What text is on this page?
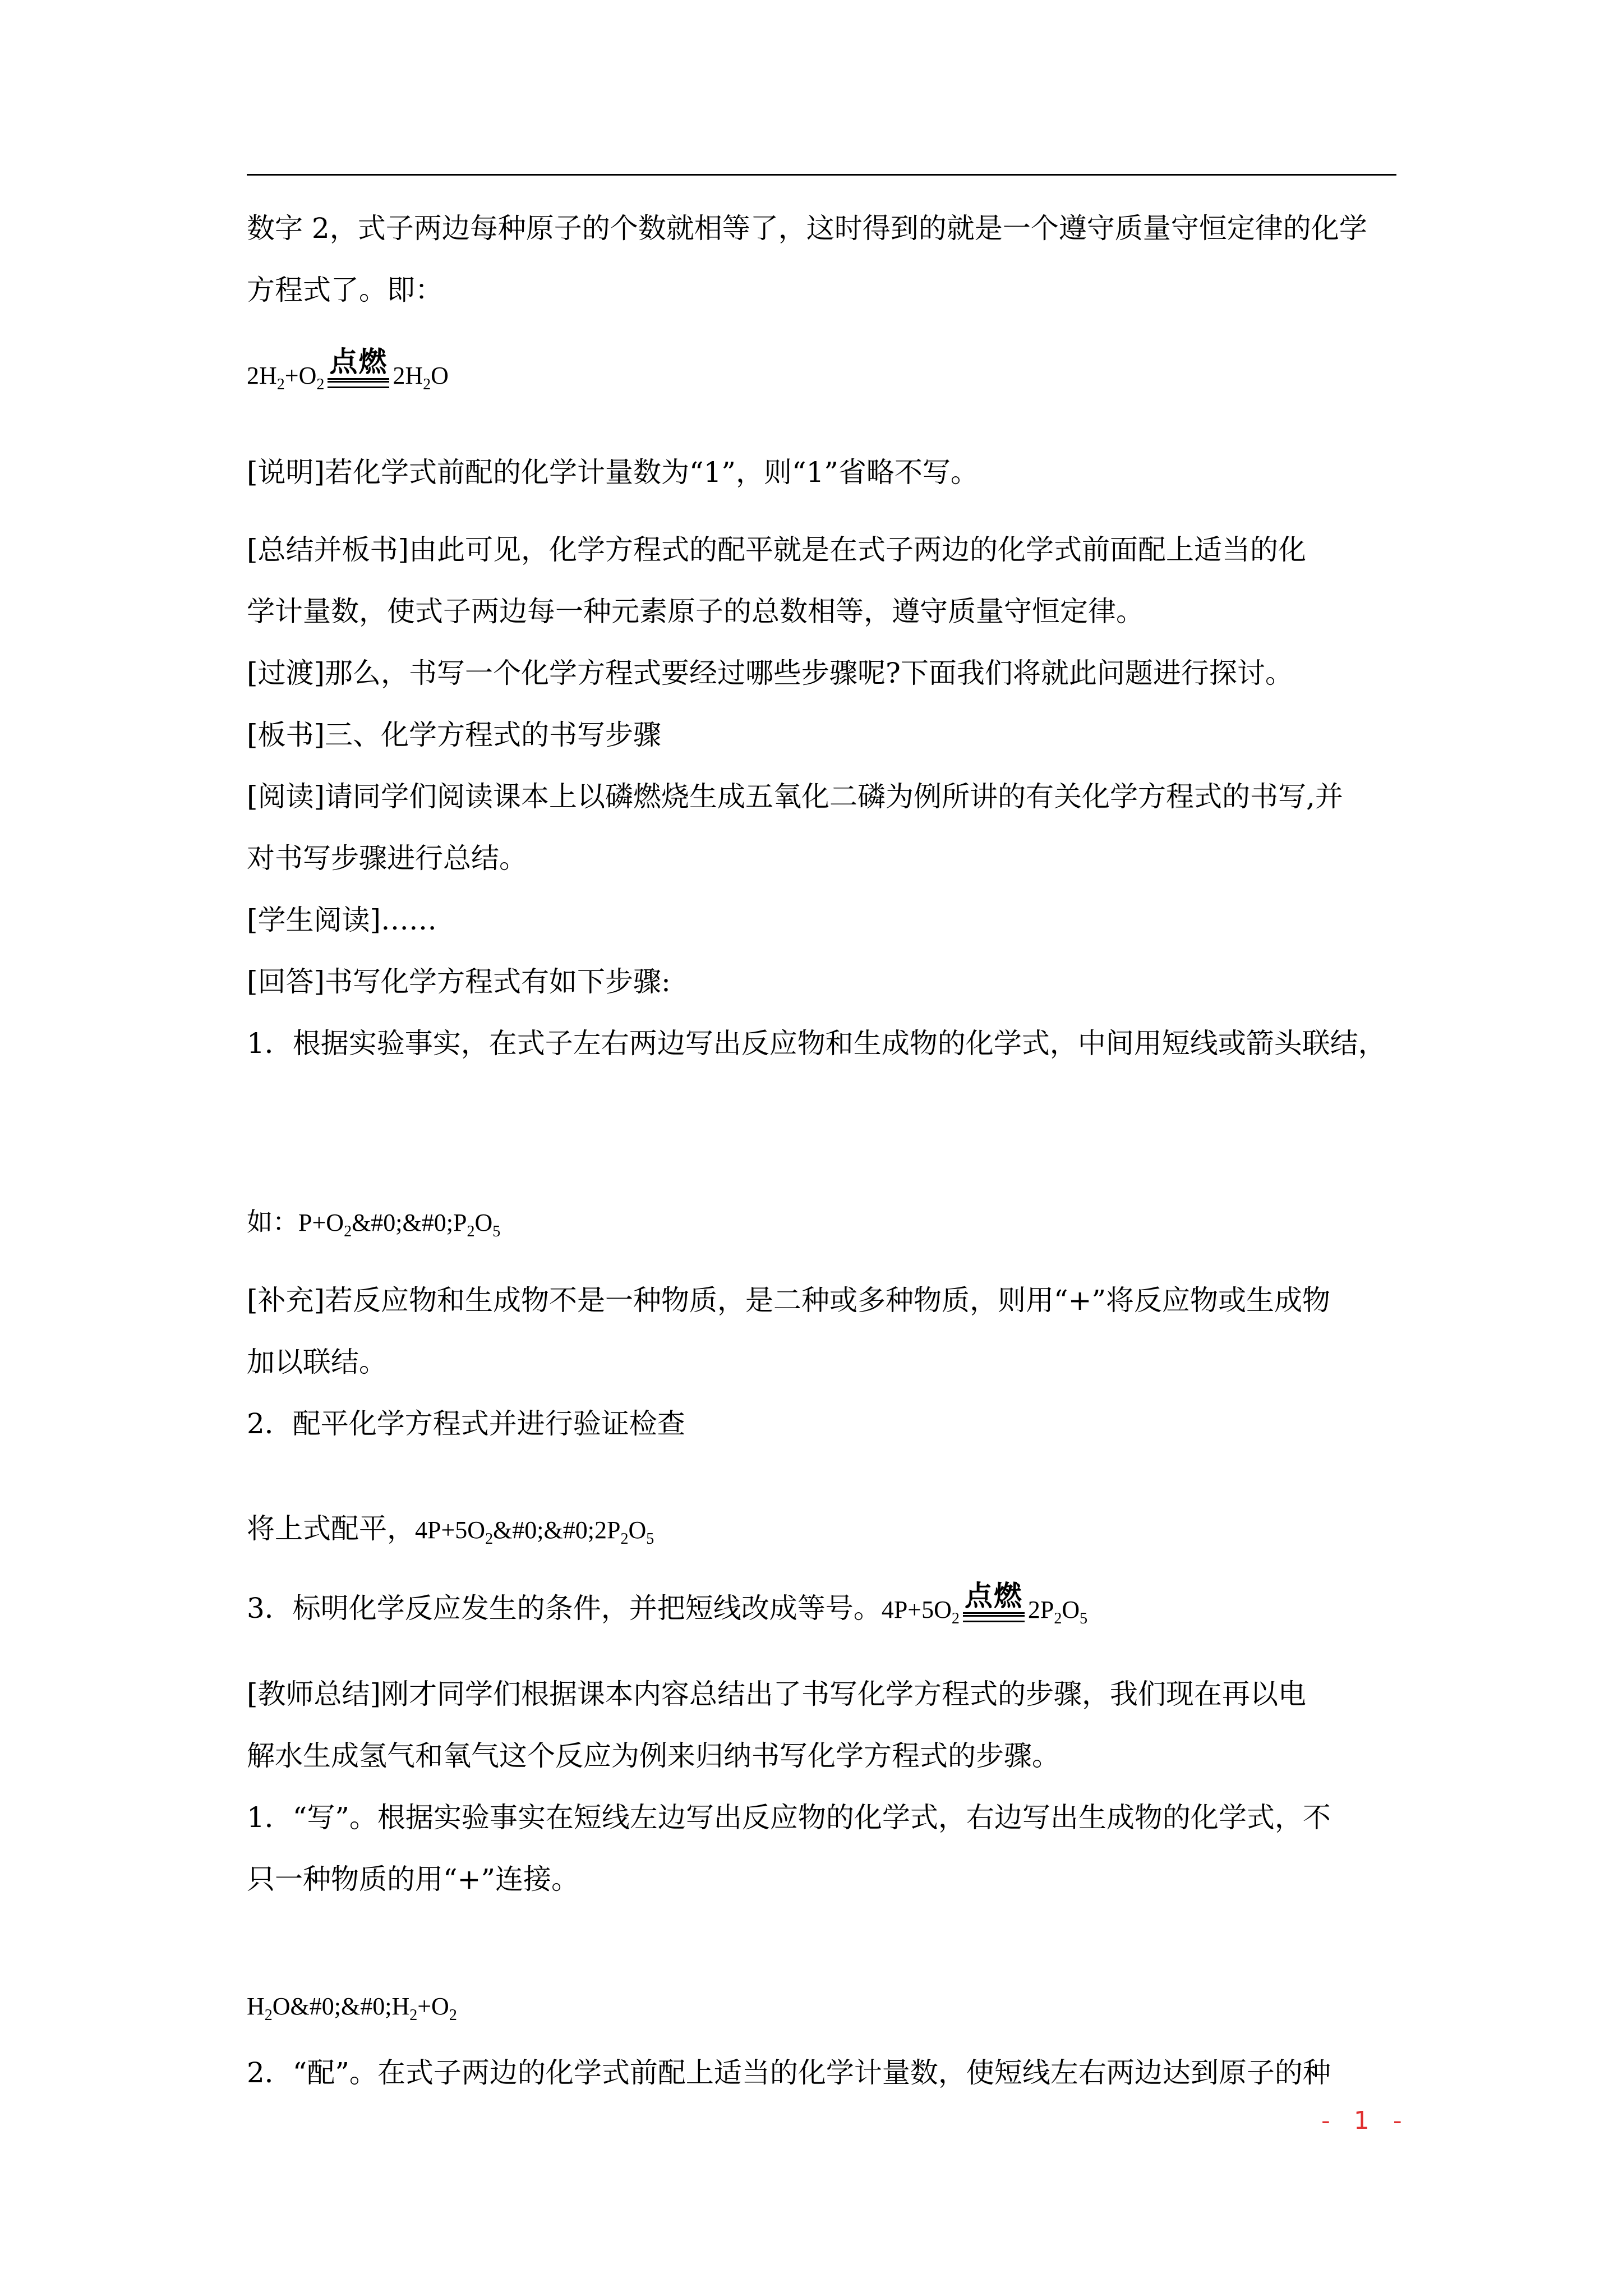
数字 2，式子两边每种原子的个数就相等了，这时得到的就是一个遵守质量守恒定律的化学

方程式了。即：

$2H_2+O_2$
点燃 $2H_2O$

[说明]若化学式前配的化学计量数为“1”，则“1”省略不写。

[总结并板书]由此可见，化学方程式的配平就是在式子两边的化学式前面配上适当的化

学计量数，使式子两边每一种元素原子的总数相等，遵守质量守恒定律。

[过渡]那么，书写一个化学方程式要经过哪些步骤呢?下面我们将就此问题进行探讨。

[板书]三、化学方程式的书写步骤

[阅读]请同学们阅读课本上以磷燃烧生成五氧化二磷为例所讲的有关化学方程式的书写,并

对书写步骤进行总结。

[学生阅读]……

[回答]书写化学方程式有如下步骤:

1．根据实验事实，在式子左右两边写出反应物和生成物的化学式，中间用短线或箭头联结，

如：$P+O_2\&\#0;\&\#0;P_2O_5$

[补充]若反应物和生成物不是一种物质，是二种或多种物质，则用“+”将反应物或生成物

加以联结。

2．配平化学方程式并进行验证检查

将上式配平，$4P+5O_2\&\#0;\&\#0;2P_2O_5$
3．标明化学反应发生的条件，并把短线改成等号。$4P+5O_2$
点燃 $2P_2O_5$

[教师总结]刚才同学们根据课本内容总结出了书写化学方程式的步骤，我们现在再以电

解水生成氢气和氧气这个反应为例来归纳书写化学方程式的步骤。

1．“写”。根据实验事实在短线左边写出反应物的化学式，右边写出生成物的化学式，不

只一种物质的用“+”连接。

$H_2O\&\#0;\&\#0;H_2+O_2$

2．“配”。在式子两边的化学式前配上适当的化学计量数，使短线左右两边达到原子的种

- 1 -
